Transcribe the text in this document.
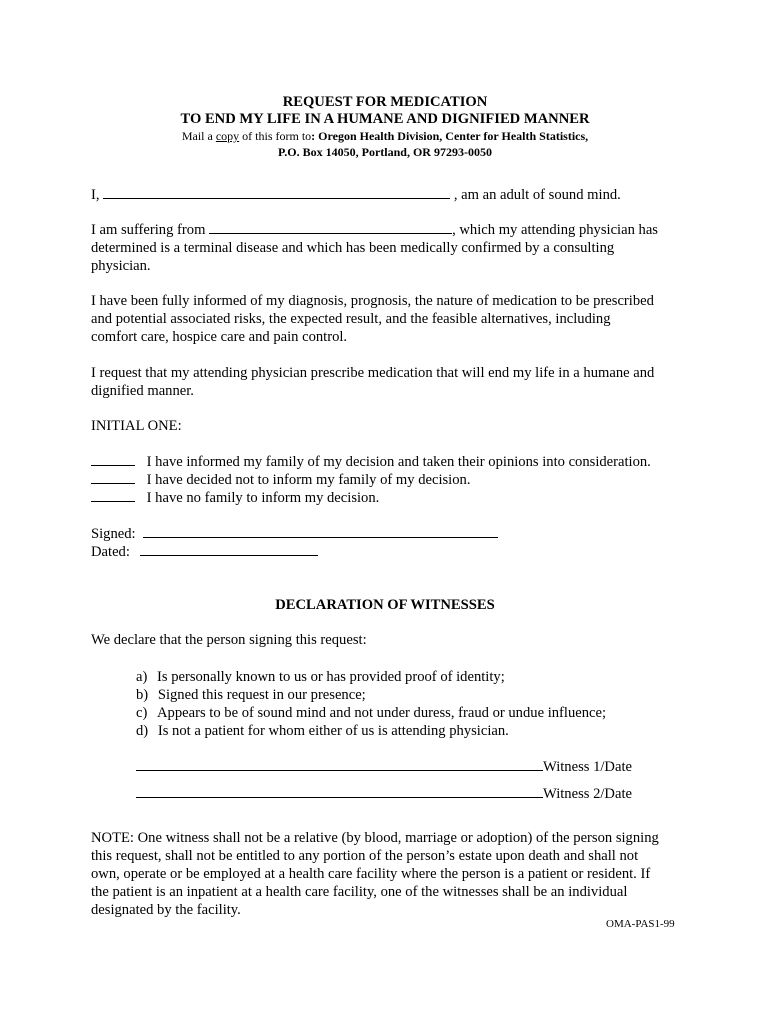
REQUEST FOR MEDICATION
TO END MY LIFE IN A HUMANE AND DIGNIFIED MANNER
Mail a copy of this form to: Oregon Health Division, Center for Health Statistics,
P.O. Box 14050, Portland, OR 97293-0050
I,	, am an adult of sound mind.
I am suffering from	, which my attending physician has
determined is a terminal disease and which has been medically confirmed by a consulting
physician.
I have been fully informed of my diagnosis, prognosis, the nature of medication to be prescribed
and potential associated risks, the expected result, and the feasible alternatives, including
comfort care, hospice care and pain control.
I request that my attending physician prescribe medication that will end my life in a humane and
dignified manner.
INITIAL ONE:
I have informed my family of my decision and taken their opinions into consideration.
I have decided not to inform my family of my decision.
I have no family to inform my decision.
Signed:
Dated:
DECLARATION OF WITNESSES
We declare that the person signing this request:
a) Is personally known to us or has provided proof of identity;
b) Signed this request in our presence;
c) Appears to be of sound mind and not under duress, fraud or undue influence;
d) Is not a patient for whom either of us is attending physician.
Witness 1/Date
Witness 2/Date
NOTE: One witness shall not be a relative (by blood, marriage or adoption) of the person signing
this request, shall not be entitled to any portion of the person’s estate upon death and shall not
own, operate or be employed at a health care facility where the person is a patient or resident. If
the patient is an inpatient at a health care facility, one of the witnesses shall be an individual
designated by the facility.
OMA-PAS1-99
